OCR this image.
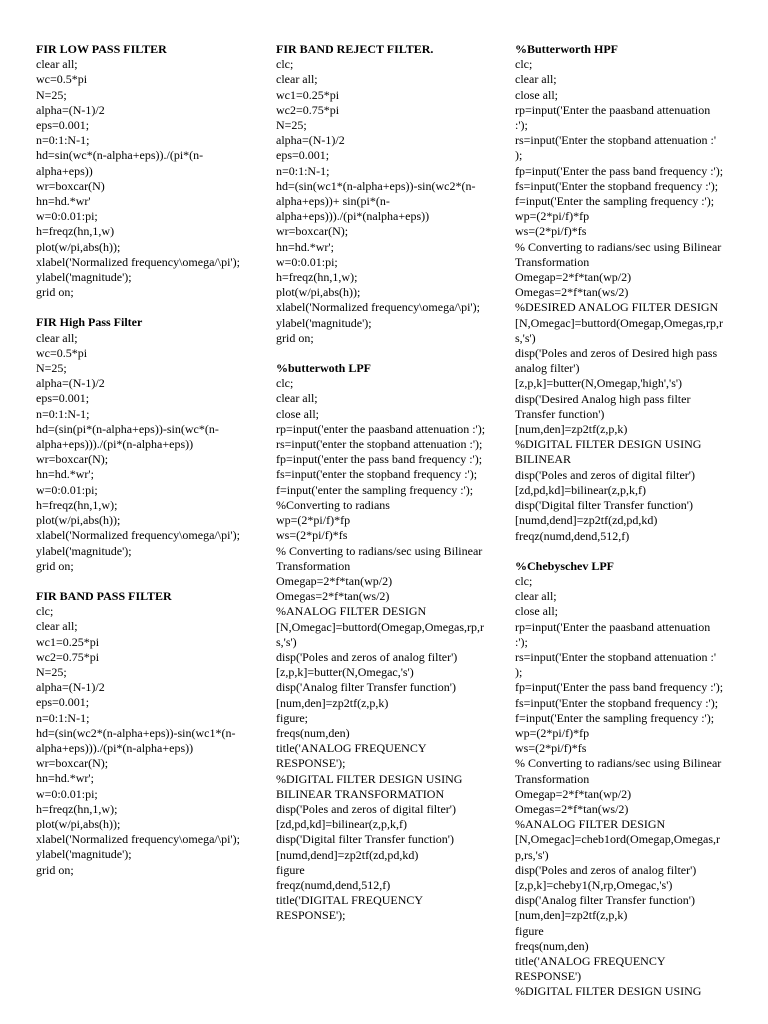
FIR LOW PASS FILTER

clear all;

wc=0.5*pi

N=25;

alpha=(N-1)/2

eps=0.001;

n=0:1:N-1;

hd=sin(wc*(n-alpha+eps))./(pi*(n-

alpha+eps))

wr=boxcar(N)

hn=hd.*wr'

w=0:0.01:pi;

h=freqz(hn,1,w)

plot(w/pi,abs(h));

xlabel('Normalized frequency\omega/\pi');

ylabel('magnitude');

grid on;

FIR High Pass Filter

clear all;

wc=0.5*pi

N=25;

alpha=(N-1)/2

eps=0.001;

n=0:1:N-1;

hd=(sin(pi*(n-alpha+eps))-sin(wc*(n-

alpha+eps)))./(pi*(n-alpha+eps))

wr=boxcar(N);

hn=hd.*wr';

w=0:0.01:pi;

h=freqz(hn,1,w);

plot(w/pi,abs(h));

xlabel('Normalized frequency\omega/\pi');

ylabel('magnitude');

grid on;

FIR BAND PASS FILTER

clc;

clear all;

wc1=0.25*pi

wc2=0.75*pi

N=25;

alpha=(N-1)/2

eps=0.001;

n=0:1:N-1;

hd=(sin(wc2*(n-alpha+eps))-sin(wc1*(n-

alpha+eps)))./(pi*(n-alpha+eps))

wr=boxcar(N);

hn=hd.*wr';

w=0:0.01:pi;

h=freqz(hn,1,w);

plot(w/pi,abs(h));

xlabel('Normalized frequency\omega/\pi');

ylabel('magnitude');

grid on;

FIR BAND REJECT FILTER.

clc;

clear all;

wc1=0.25*pi

wc2=0.75*pi

N=25;

alpha=(N-1)/2

eps=0.001;

n=0:1:N-1;

hd=(sin(wc1*(n-alpha+eps))-sin(wc2*(n-

alpha+eps))+ sin(pi*(n-

alpha+eps)))./(pi*(nalpha+eps))

wr=boxcar(N);

hn=hd.*wr';

w=0:0.01:pi;

h=freqz(hn,1,w);

plot(w/pi,abs(h));

xlabel('Normalized frequency\omega/\pi');

ylabel('magnitude');

grid on;

%butterwoth LPF

clc;

clear all;

close all;

rp=input('enter the paasband attenuation :');

rs=input('enter the stopband attenuation :');

fp=input('enter the pass band frequency :');

fs=input('enter the stopband frequency :');

f=input('enter the sampling frequency :');

%Converting to radians

wp=(2*pi/f)*fp

ws=(2*pi/f)*fs

% Converting to radians/sec using Bilinear

Transformation

Omegap=2*f*tan(wp/2)

Omegas=2*f*tan(ws/2)

%ANALOG FILTER DESIGN

[N,Omegac]=buttord(Omegap,Omegas,rp,r

s,'s')

disp('Poles and zeros of analog filter')

[z,p,k]=butter(N,Omegac,'s')

disp('Analog filter Transfer function')

[num,den]=zp2tf(z,p,k)

figure;

freqs(num,den)

title('ANALOG FREQUENCY

RESPONSE');

%DIGITAL FILTER DESIGN USING

BILINEAR TRANSFORMATION

disp('Poles and zeros of digital filter')

[zd,pd,kd]=bilinear(z,p,k,f)

disp('Digital filter Transfer function')

[numd,dend]=zp2tf(zd,pd,kd)

figure

freqz(numd,dend,512,f)

title('DIGITAL FREQUENCY

RESPONSE');

%Butterworth HPF

clc;

clear all;

close all;

rp=input('Enter the paasband attenuation

:');

rs=input('Enter the stopband attenuation :'

);

fp=input('Enter the pass band frequency :');

fs=input('Enter the stopband frequency :');

f=input('Enter the sampling frequency :');

wp=(2*pi/f)*fp

ws=(2*pi/f)*fs

% Converting to radians/sec using Bilinear

Transformation

Omegap=2*f*tan(wp/2)

Omegas=2*f*tan(ws/2)

%DESIRED ANALOG FILTER DESIGN

[N,Omegac]=buttord(Omegap,Omegas,rp,r

s,'s')

disp('Poles and zeros of Desired high pass

analog filter')

[z,p,k]=butter(N,Omegap,'high','s')

disp('Desired Analog high pass filter

Transfer function')

[num,den]=zp2tf(z,p,k)

%DIGITAL FILTER DESIGN USING

BILINEAR

disp('Poles and zeros of digital filter')

[zd,pd,kd]=bilinear(z,p,k,f)

disp('Digital filter Transfer function')

[numd,dend]=zp2tf(zd,pd,kd)

freqz(numd,dend,512,f)

%Chebyschev LPF

clc;

clear all;

close all;

rp=input('Enter the paasband attenuation

:');

rs=input('Enter the stopband attenuation :'

);

fp=input('Enter the pass band frequency :');

fs=input('Enter the stopband frequency :');

f=input('Enter the sampling frequency :');

wp=(2*pi/f)*fp

ws=(2*pi/f)*fs

% Converting to radians/sec using Bilinear

Transformation

Omegap=2*f*tan(wp/2)

Omegas=2*f*tan(ws/2)

%ANALOG FILTER DESIGN

[N,Omegac]=cheb1ord(Omegap,Omegas,r

p,rs,'s')

disp('Poles and zeros of analog filter')

[z,p,k]=cheby1(N,rp,Omegac,'s')

disp('Analog filter Transfer function')

[num,den]=zp2tf(z,p,k)

figure

freqs(num,den)

title('ANALOG FREQUENCY

RESPONSE')

%DIGITAL FILTER DESIGN USING
